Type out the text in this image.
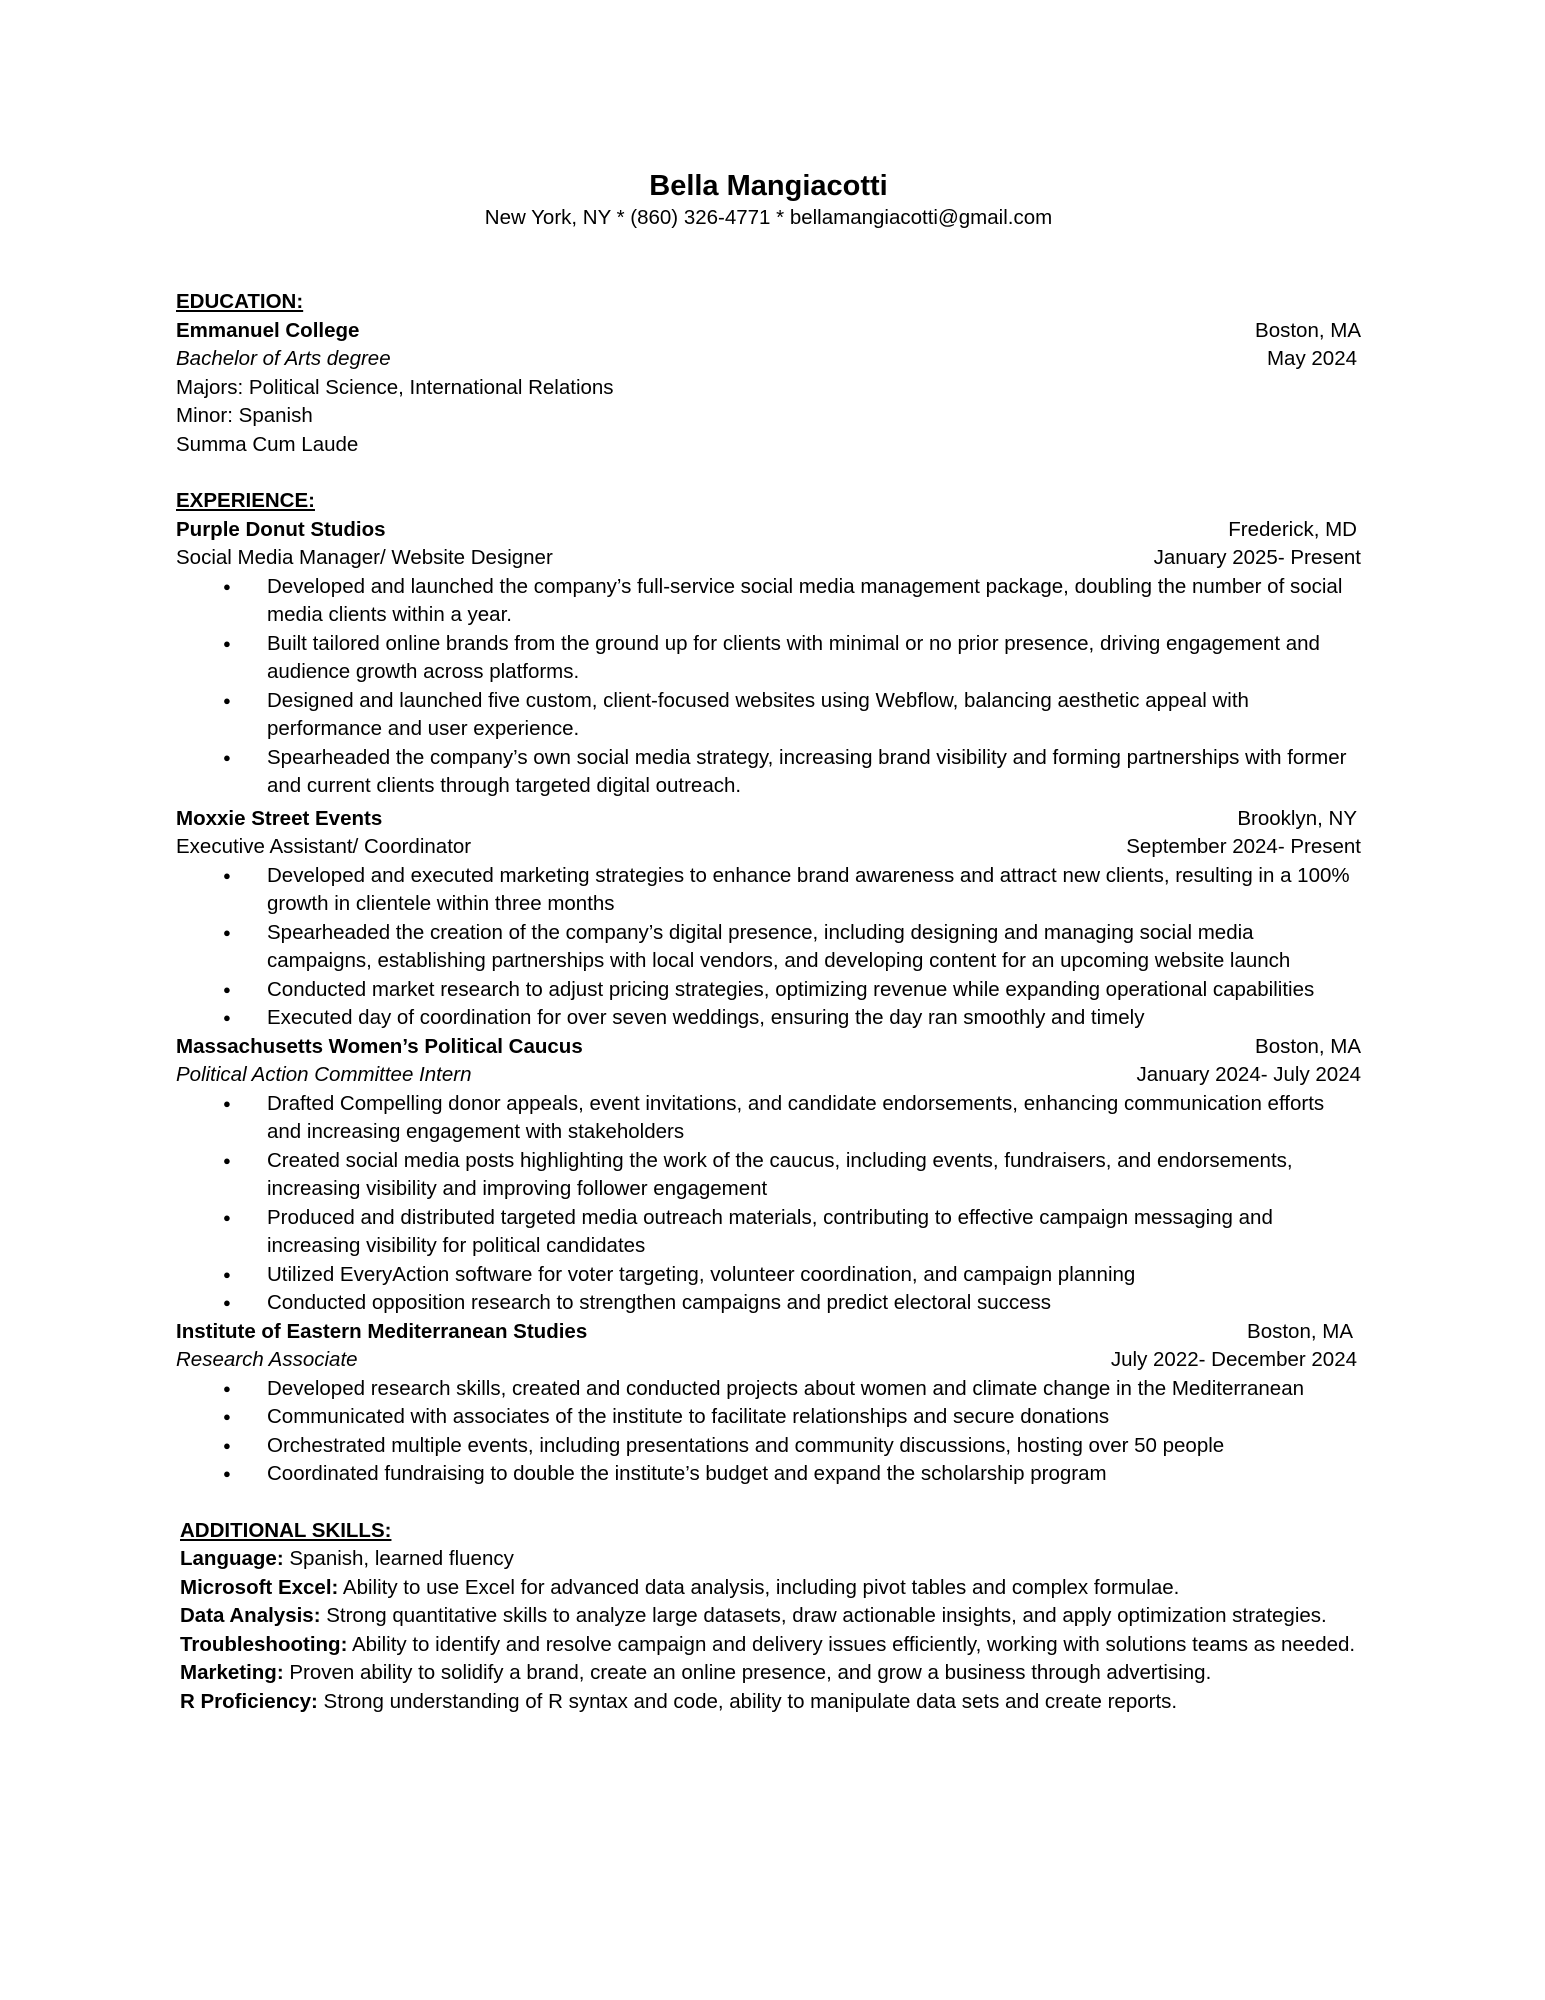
Bella Mangiacotti
New York, NY * (860) 326-4771 * bellamangiacotti@gmail.com
EDUCATION:
Emmanuel College	Boston, MA
Bachelor of Arts degree	May 2024
Majors: Political Science, International Relations
Minor: Spanish
Summa Cum Laude
EXPERIENCE:
Purple Donut Studios	Frederick, MD
Social Media Manager/ Website Designer	January 2025- Present
● Developed and launched the company’s full-service social media management package, doubling the number of social media clients within a year.
● Built tailored online brands from the ground up for clients with minimal or no prior presence, driving engagement and audience growth across platforms.
● Designed and launched five custom, client-focused websites using Webflow, balancing aesthetic appeal with performance and user experience.
● Spearheaded the company’s own social media strategy, increasing brand visibility and forming partnerships with former and current clients through targeted digital outreach.
Moxxie Street Events	Brooklyn, NY
Executive Assistant/ Coordinator	September 2024- Present
● Developed and executed marketing strategies to enhance brand awareness and attract new clients, resulting in a 100% growth in clientele within three months
● Spearheaded the creation of the company’s digital presence, including designing and managing social media campaigns, establishing partnerships with local vendors, and developing content for an upcoming website launch
● Conducted market research to adjust pricing strategies, optimizing revenue while expanding operational capabilities
● Executed day of coordination for over seven weddings, ensuring the day ran smoothly and timely
Massachusetts Women’s Political Caucus	Boston, MA
Political Action Committee Intern	January 2024- July 2024
● Drafted Compelling donor appeals, event invitations, and candidate endorsements, enhancing communication efforts and increasing engagement with stakeholders
● Created social media posts highlighting the work of the caucus, including events, fundraisers, and endorsements, increasing visibility and improving follower engagement
● Produced and distributed targeted media outreach materials, contributing to effective campaign messaging and increasing visibility for political candidates
● Utilized EveryAction software for voter targeting, volunteer coordination, and campaign planning
● Conducted opposition research to strengthen campaigns and predict electoral success
Institute of Eastern Mediterranean Studies	Boston, MA
Research Associate	July 2022- December 2024
● Developed research skills, created and conducted projects about women and climate change in the Mediterranean
● Communicated with associates of the institute to facilitate relationships and secure donations
● Orchestrated multiple events, including presentations and community discussions, hosting over 50 people
● Coordinated fundraising to double the institute’s budget and expand the scholarship program
ADDITIONAL SKILLS:
Language: Spanish, learned fluency
Microsoft Excel: Ability to use Excel for advanced data analysis, including pivot tables and complex formulae.
Data Analysis: Strong quantitative skills to analyze large datasets, draw actionable insights, and apply optimization strategies.
Troubleshooting: Ability to identify and resolve campaign and delivery issues efficiently, working with solutions teams as needed.
Marketing: Proven ability to solidify a brand, create an online presence, and grow a business through advertising.
R Proficiency: Strong understanding of R syntax and code, ability to manipulate data sets and create reports.
